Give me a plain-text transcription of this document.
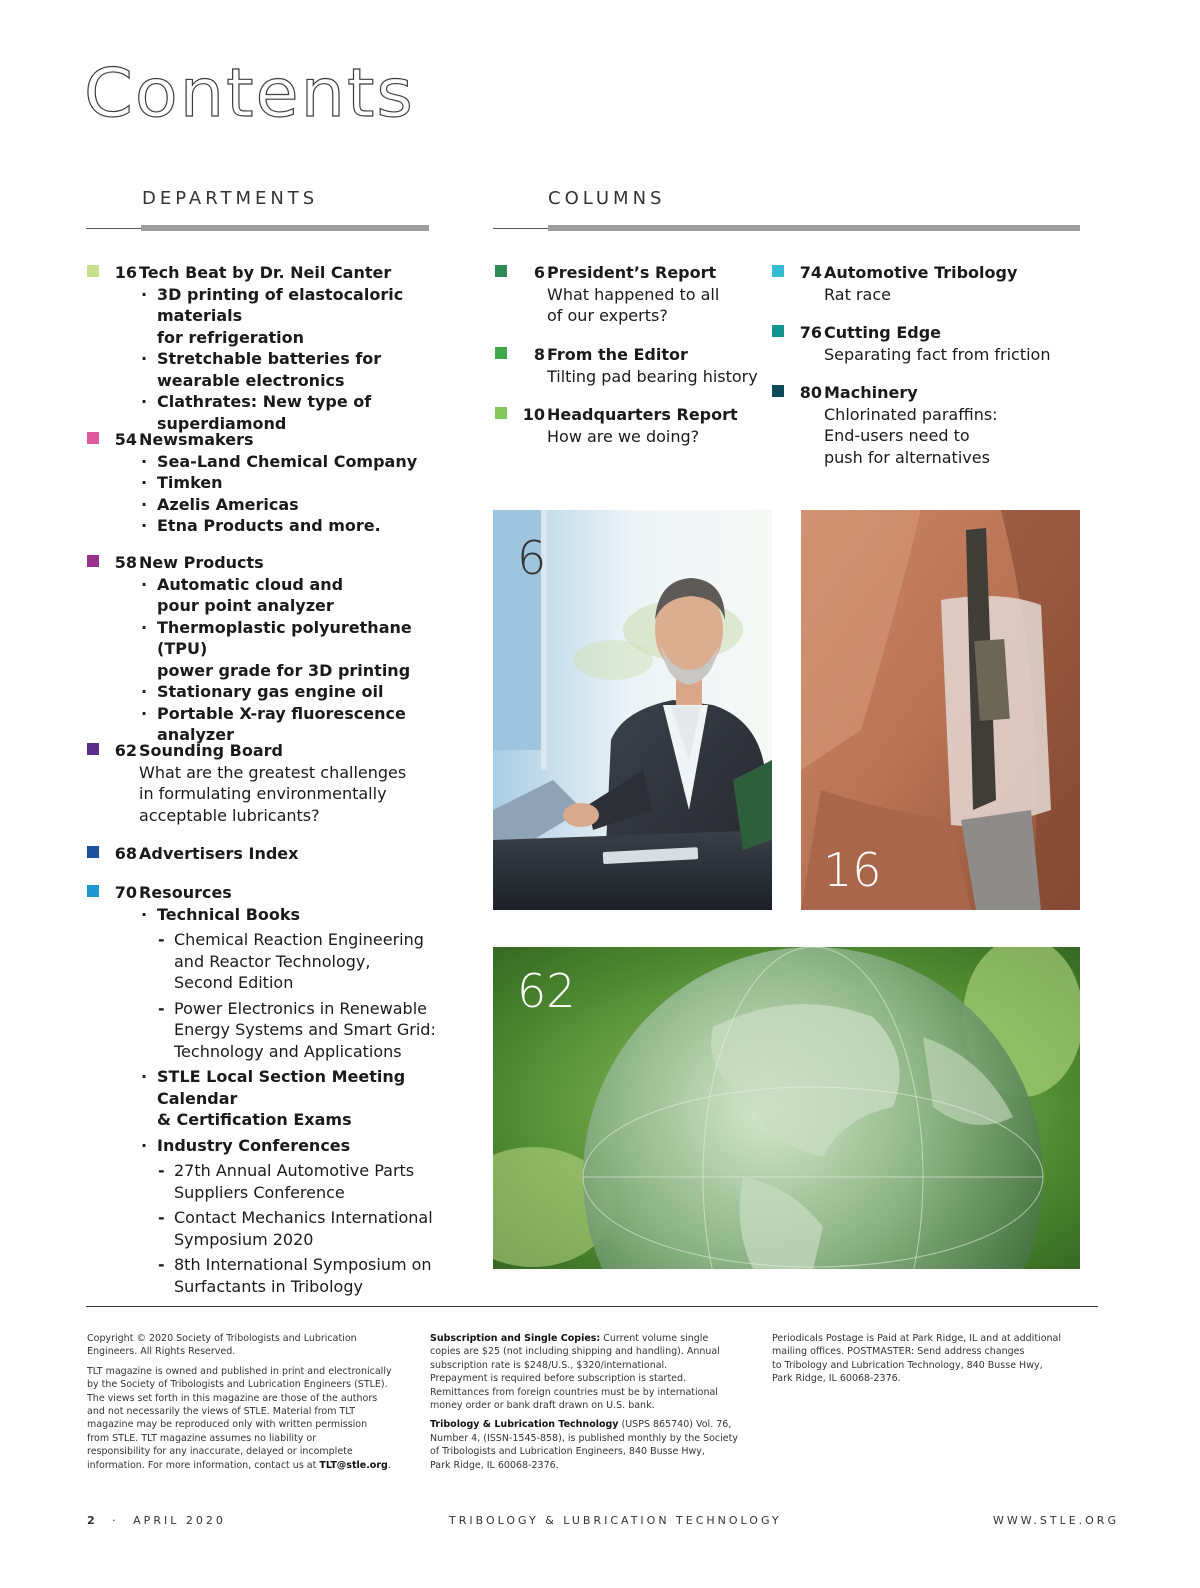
Contents
DEPARTMENTS	COLUMNS
16 Tech Beat by Dr. Neil Canter
· 3D printing of elastocaloric materials
for refrigeration
· Stretchable batteries for
wearable electronics
· Clathrates: New type of
superdiamond
54 Newsmakers
· Sea-Land Chemical Company
· Timken
· Azelis Americas
· Etna Products and more.
58 New Products
· Automatic cloud and
pour point analyzer
· Thermoplastic polyurethane (TPU)
power grade for 3D printing
· Stationary gas engine oil
· Portable X-ray fluorescence
analyzer
62 Sounding Board
What are the greatest challenges
in formulating environmentally
acceptable lubricants?
68 Advertisers Index
70 Resources
· Technical Books
- Chemical Reaction Engineering
and Reactor Technology,
Second Edition
- Power Electronics in Renewable
Energy Systems and Smart Grid:
Technology and Applications
· STLE Local Section Meeting Calendar
& Certification Exams
· Industry Conferences
- 27th Annual Automotive Parts
Suppliers Conference
- Contact Mechanics International
Symposium 2020
- 8th International Symposium on
Surfactants in Tribology
6 President’s Report
What happened to all
of our experts?
8 From the Editor
Tilting pad bearing history
10 Headquarters Report
How are we doing?
74 Automotive Tribology
Rat race
76 Cutting Edge
Separating fact from friction
80 Machinery
Chlorinated paraffins:
End-users need to
push for alternatives
6
16
62

Copyright © 2020 Society of Tribologists and Lubrication
Engineers. All Rights Reserved.

TLT magazine is owned and published in print and electronically
by the Society of Tribologists and Lubrication Engineers (STLE).
The views set forth in this magazine are those of the authors
and not necessarily the views of STLE. Material from TLT
magazine may be reproduced only with written permission
from STLE. TLT magazine assumes no liability or
responsibility for any inaccurate, delayed or incomplete
information. For more information, contact us at TLT@stle.org.

Subscription and Single Copies: Current volume single
copies are $25 (not including shipping and handling). Annual
subscription rate is $248/U.S., $320/international.
Prepayment is required before subscription is started.
Remittances from foreign countries must be by international
money order or bank draft drawn on U.S. bank.

Tribology & Lubrication Technology (USPS 865740) Vol. 76,
Number 4, (ISSN-1545-858), is published monthly by the Society
of Tribologists and Lubrication Engineers, 840 Busse Hwy,
Park Ridge, IL 60068-2376.

Periodicals Postage is Paid at Park Ridge, IL and at additional
mailing offices. POSTMASTER: Send address changes
to Tribology and Lubrication Technology, 840 Busse Hwy,
Park Ridge, IL 60068-2376.

2 · APRIL 2020	TRIBOLOGY & LUBRICATION TECHNOLOGY	WWW.STLE.ORG
